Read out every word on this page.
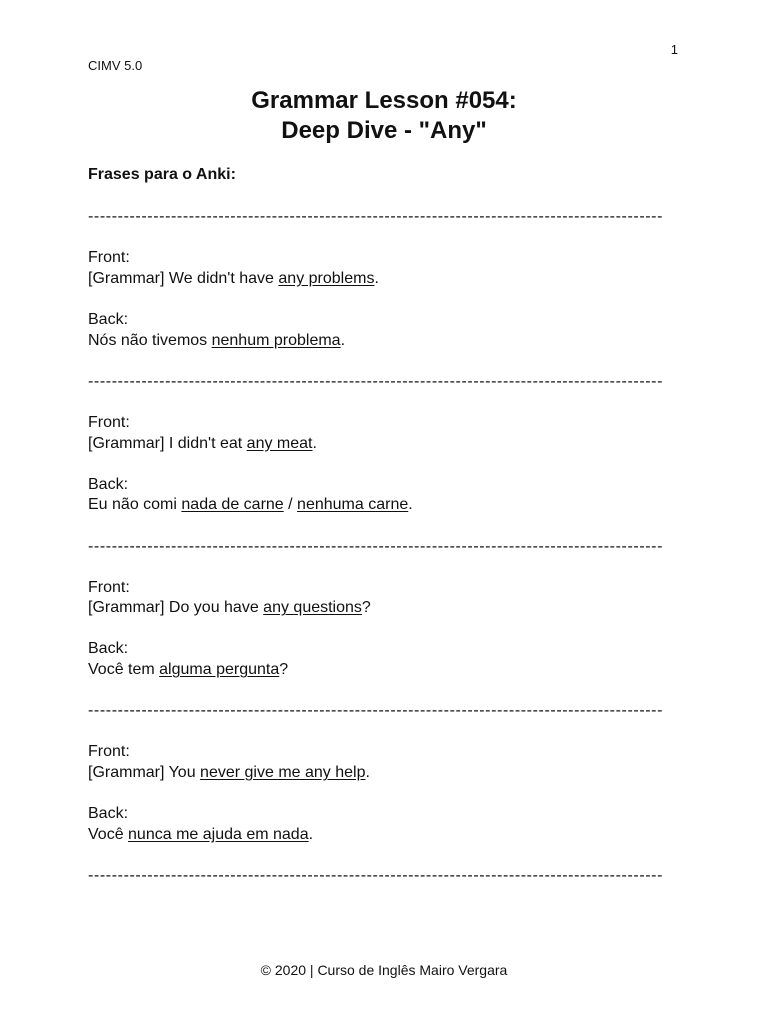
1
CIMV 5.0
Grammar Lesson #054:
Deep Dive - "Any"
Frases para o Anki:
-------------------------------------------------------------------------------------------------
Front:
[Grammar] We didn't have any problems.
Back:
Nós não tivemos nenhum problema.
-------------------------------------------------------------------------------------------------
Front:
[Grammar] I didn't eat any meat.
Back:
Eu não comi nada de carne / nenhuma carne.
-------------------------------------------------------------------------------------------------
Front:
[Grammar] Do you have any questions?
Back:
Você tem alguma pergunta?
-------------------------------------------------------------------------------------------------
Front:
[Grammar] You never give me any help.
Back:
Você nunca me ajuda em nada.
-------------------------------------------------------------------------------------------------
© 2020 | Curso de Inglês Mairo Vergara
